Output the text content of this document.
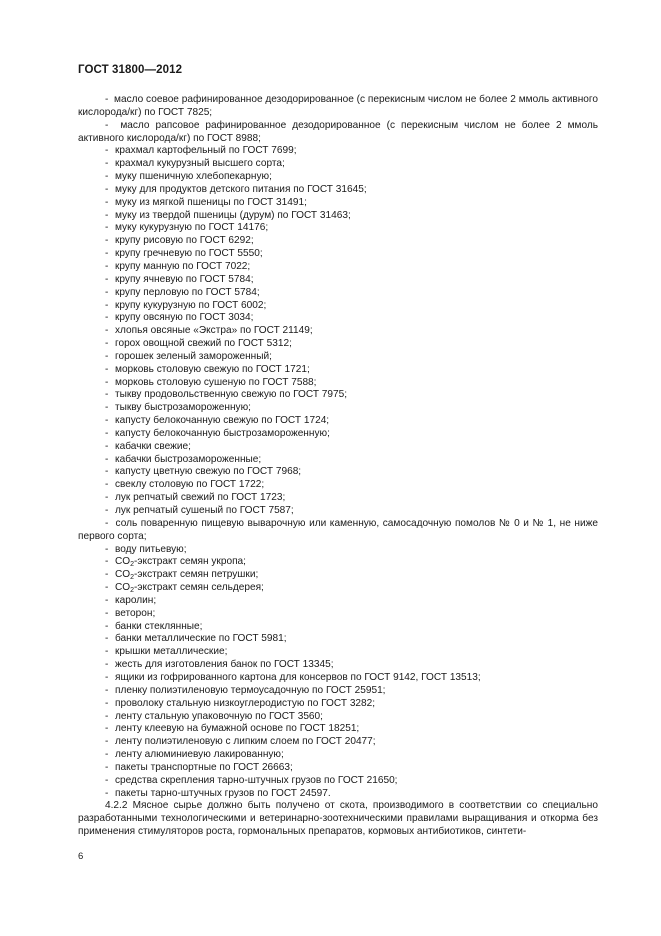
ГОСТ 31800—2012
- масло соевое рафинированное дезодорированное (с перекисным числом не более 2 ммоль активного кислорода/кг) по ГОСТ 7825;
- масло рапсовое рафинированное дезодорированное (с перекисным числом не более 2 ммоль активного кислорода/кг) по ГОСТ 8988;
- крахмал картофельный по ГОСТ 7699;
- крахмал кукурузный высшего сорта;
- муку пшеничную хлебопекарную;
- муку для продуктов детского питания по ГОСТ 31645;
- муку из мягкой пшеницы по ГОСТ 31491;
- муку из твердой пшеницы (дурум) по ГОСТ 31463;
- муку кукурузную по ГОСТ 14176;
- крупу рисовую по ГОСТ 6292;
- крупу гречневую по ГОСТ 5550;
- крупу манную по ГОСТ 7022;
- крупу ячневую по ГОСТ 5784;
- крупу перловую по ГОСТ 5784;
- крупу кукурузную по ГОСТ 6002;
- крупу овсяную по ГОСТ 3034;
- хлопья овсяные «Экстра» по ГОСТ 21149;
- горох овощной свежий по ГОСТ 5312;
- горошек зеленый замороженный;
- морковь столовую свежую по ГОСТ 1721;
- морковь столовую сушеную по ГОСТ 7588;
- тыкву продовольственную свежую по ГОСТ 7975;
- тыкву быстрозамороженную;
- капусту белокочанную свежую по ГОСТ 1724;
- капусту белокочанную быстрозамороженную;
- кабачки свежие;
- кабачки быстрозамороженные;
- капусту цветную свежую по ГОСТ 7968;
- свеклу столовую по ГОСТ 1722;
- лук репчатый свежий по ГОСТ 1723;
- лук репчатый сушеный по ГОСТ 7587;
- соль поваренную пищевую выварочную или каменную, самосадочную помолов № 0 и № 1, не ниже первого сорта;
- воду питьевую;
- $CO_2$-экстракт семян укропа;
- $CO_2$-экстракт семян петрушки;
- $CO_2$-экстракт семян сельдерея;
- каролин;
- веторон;
- банки стеклянные;
- банки металлические по ГОСТ 5981;
- крышки металлические;
- жесть для изготовления банок по ГОСТ 13345;
- ящики из гофрированного картона для консервов по ГОСТ 9142, ГОСТ 13513;
- пленку полиэтиленовую термоусадочную по ГОСТ 25951;
- проволоку стальную низкоуглеродистую по ГОСТ 3282;
- ленту стальную упаковочную по ГОСТ 3560;
- ленту клеевую на бумажной основе по ГОСТ 18251;
- ленту полиэтиленовую с липким слоем по ГОСТ 20477;
- ленту алюминиевую лакированную;
- пакеты транспортные по ГОСТ 26663;
- средства скрепления тарно-штучных грузов по ГОСТ 21650;
- пакеты тарно-штучных грузов по ГОСТ 24597.
4.2.2 Мясное сырье должно быть получено от скота, производимого в соответствии со специально разработанными технологическими и ветеринарно-зоотехническими правилами выращивания и откорма без применения стимуляторов роста, гормональных препаратов, кормовых антибиотиков, синтети-
6
